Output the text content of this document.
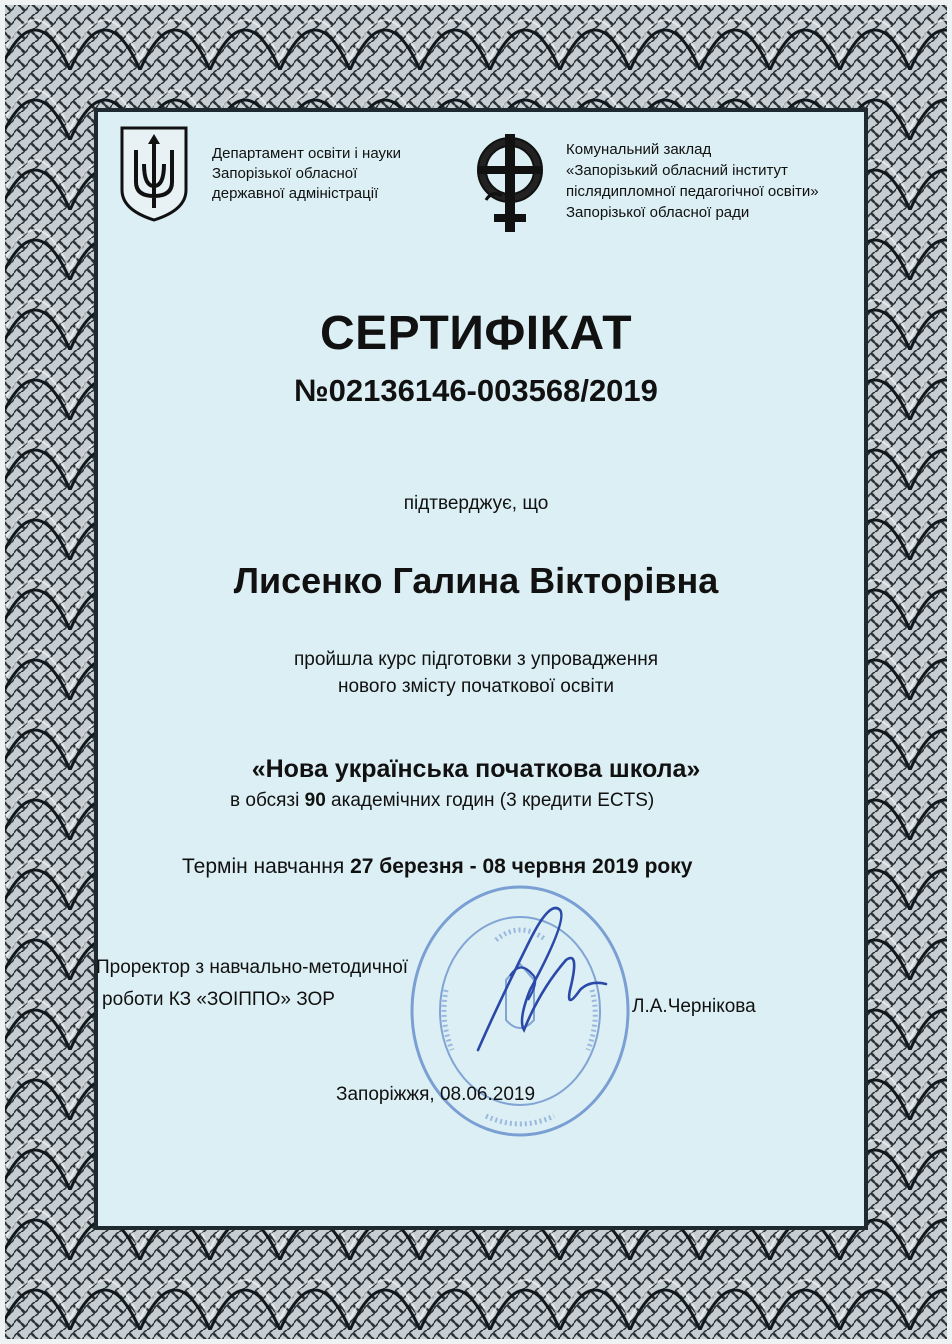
Департамент освіти і науки
Запорізької обласної
державної адміністрації
Комунальний заклад
«Запорізький обласний інститут
післядипломної педагогічної освіти»
Запорізької обласної ради
СЕРТИФІКАТ
№02136146-003568/2019
підтверджує, що
Лисенко Галина Вікторівна
пройшла курс підготовки з упровадження
нового змісту початкової освіти
«Нова українська початкова школа»
в обсязі 90 академічних годин (3 кредити ECTS)
Термін навчання 27 березня - 08 червня 2019 року
Проректор з навчально-методичної
роботи КЗ «ЗОІППО» ЗОР	Л.А.Чернікова
Запоріжжя, 08.06.2019
